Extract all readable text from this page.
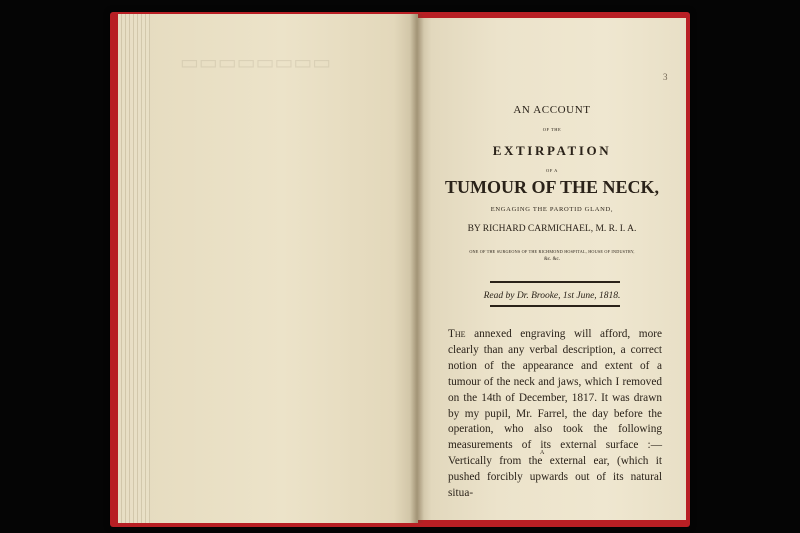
▭▭▭▭▭▭▭▭
3
AN ACCOUNT
OF THE
EXTIRPATION
OF A
TUMOUR OF THE NECK,
ENGAGING THE PAROTID GLAND,
BY RICHARD CARMICHAEL, M. R. I. A.
ONE OF THE SURGEONS OF THE RICHMOND HOSPITAL, HOUSE OF INDUSTRY,
&c. &c.
Read by Dr. Brooke, 1st June, 1818.
The annexed engraving will afford, more clearly than any verbal description, a correct notion of the appearance and extent of a tumour of the neck and jaws, which I removed on the 14th of December, 1817. It was drawn by my pupil, Mr. Farrel, the day before the operation, who also took the following measurements of its external surface :—Vertically from the external ear, (which it pushed forcibly upwards out of its natural situa-
A
